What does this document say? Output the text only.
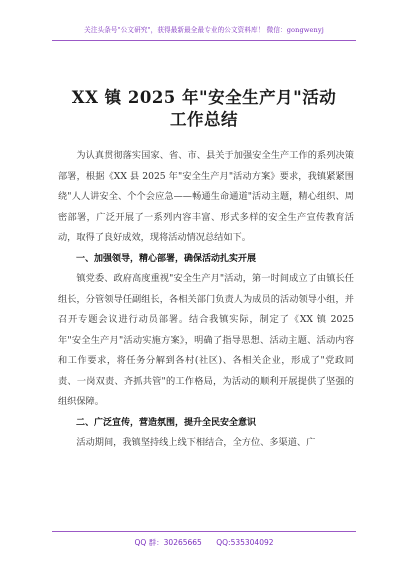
关注头条号"公文研究"，获得最新最全最专业的公文资料库！ 微信：gongwenyj
XX 镇 2025 年"安全生产月"活动
工作总结

为认真贯彻落实国家、省、市、县关于加强安全生产工作的系列决策部署，根据《XX 县 2025 年"安全生产月"活动方案》要求，我镇紧紧围绕"人人讲安全、个个会应急——畅通生命通道"活动主题，精心组织、周密部署，广泛开展了一系列内容丰富、形式多样的安全生产宣传教育活动，取得了良好成效，现将活动情况总结如下。

一、加强领导，精心部署，确保活动扎实开展

镇党委、政府高度重视"安全生产月"活动，第一时间成立了由镇长任组长，分管领导任副组长，各相关部门负责人为成员的活动领导小组，并召开专题会议进行动员部署。结合我镇实际，制定了《XX 镇 2025 年"安全生产月"活动实施方案》，明确了指导思想、活动主题、活动内容和工作要求，将任务分解到各村(社区)、各相关企业，形成了"党政同责、一岗双责、齐抓共管"的工作格局，为活动的顺利开展提供了坚强的组织保障。

二、广泛宣传，营造氛围，提升全民安全意识

活动期间，我镇坚持线上线下相结合，全方位、多渠道、广

QQ 群：30265665 QQ:535304092
